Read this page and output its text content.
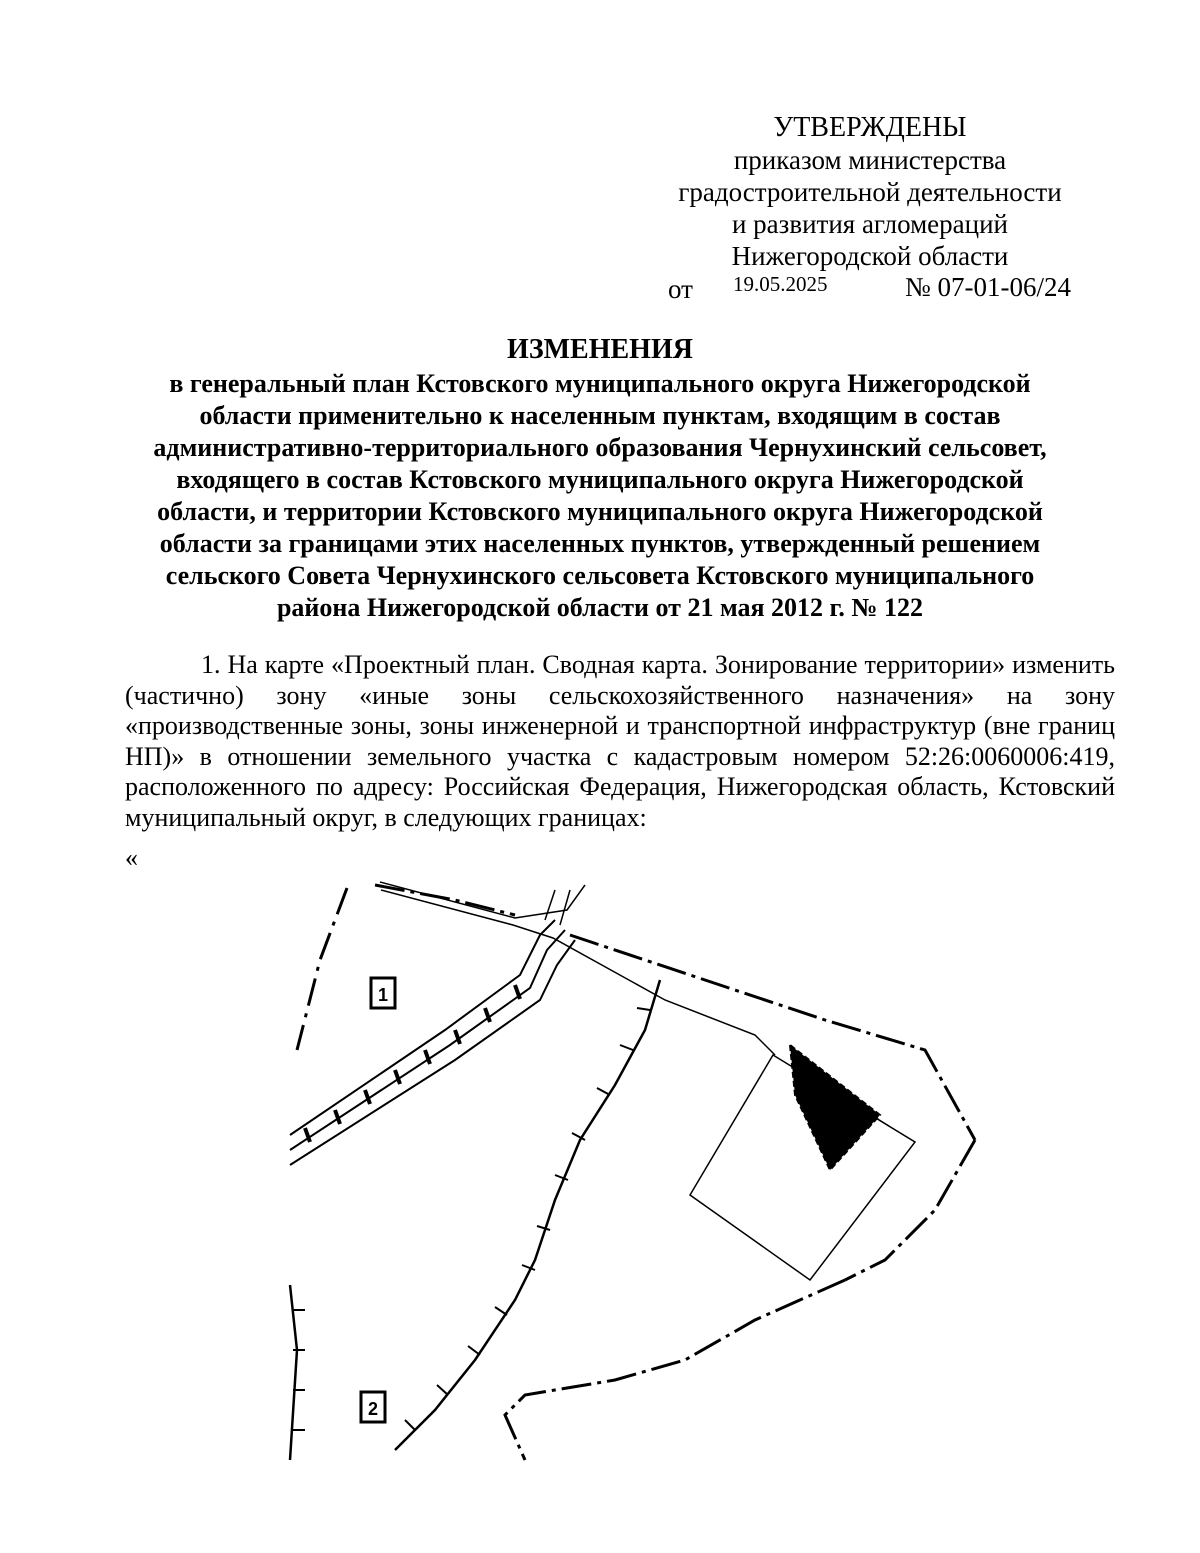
УТВЕРЖДЕНЫ
приказом министерства
градостроительной деятельности
и развития агломераций
Нижегородской области
от 19.05.2025	№ 07-01-06/24
ИЗМЕНЕНИЯ
в генеральный план Кстовского муниципального округа Нижегородской
области применительно к населенным пунктам, входящим в состав
административно-территориального образования Чернухинский сельсовет,
входящего в состав Кстовского муниципального округа Нижегородской
области, и территории Кстовского муниципального округа Нижегородской
области за границами этих населенных пунктов, утвержденный решением
сельского Совета Чернухинского сельсовета Кстовского муниципального
района Нижегородской области от 21 мая 2012 г. № 122
1. На карте «Проектный план. Сводная карта. Зонирование территории» изменить (частично) зону «иные зоны сельскохозяйственного назначения» на зону «производственные зоны, зоны инженерной и транспортной инфраструктур (вне границ НП)» в отношении земельного участка с кадастровым номером 52:26:0060006:419, расположенного по адресу: Российская Федерация, Нижегородская область, Кстовский муниципальный округ, в следующих границах:
«
1
2
